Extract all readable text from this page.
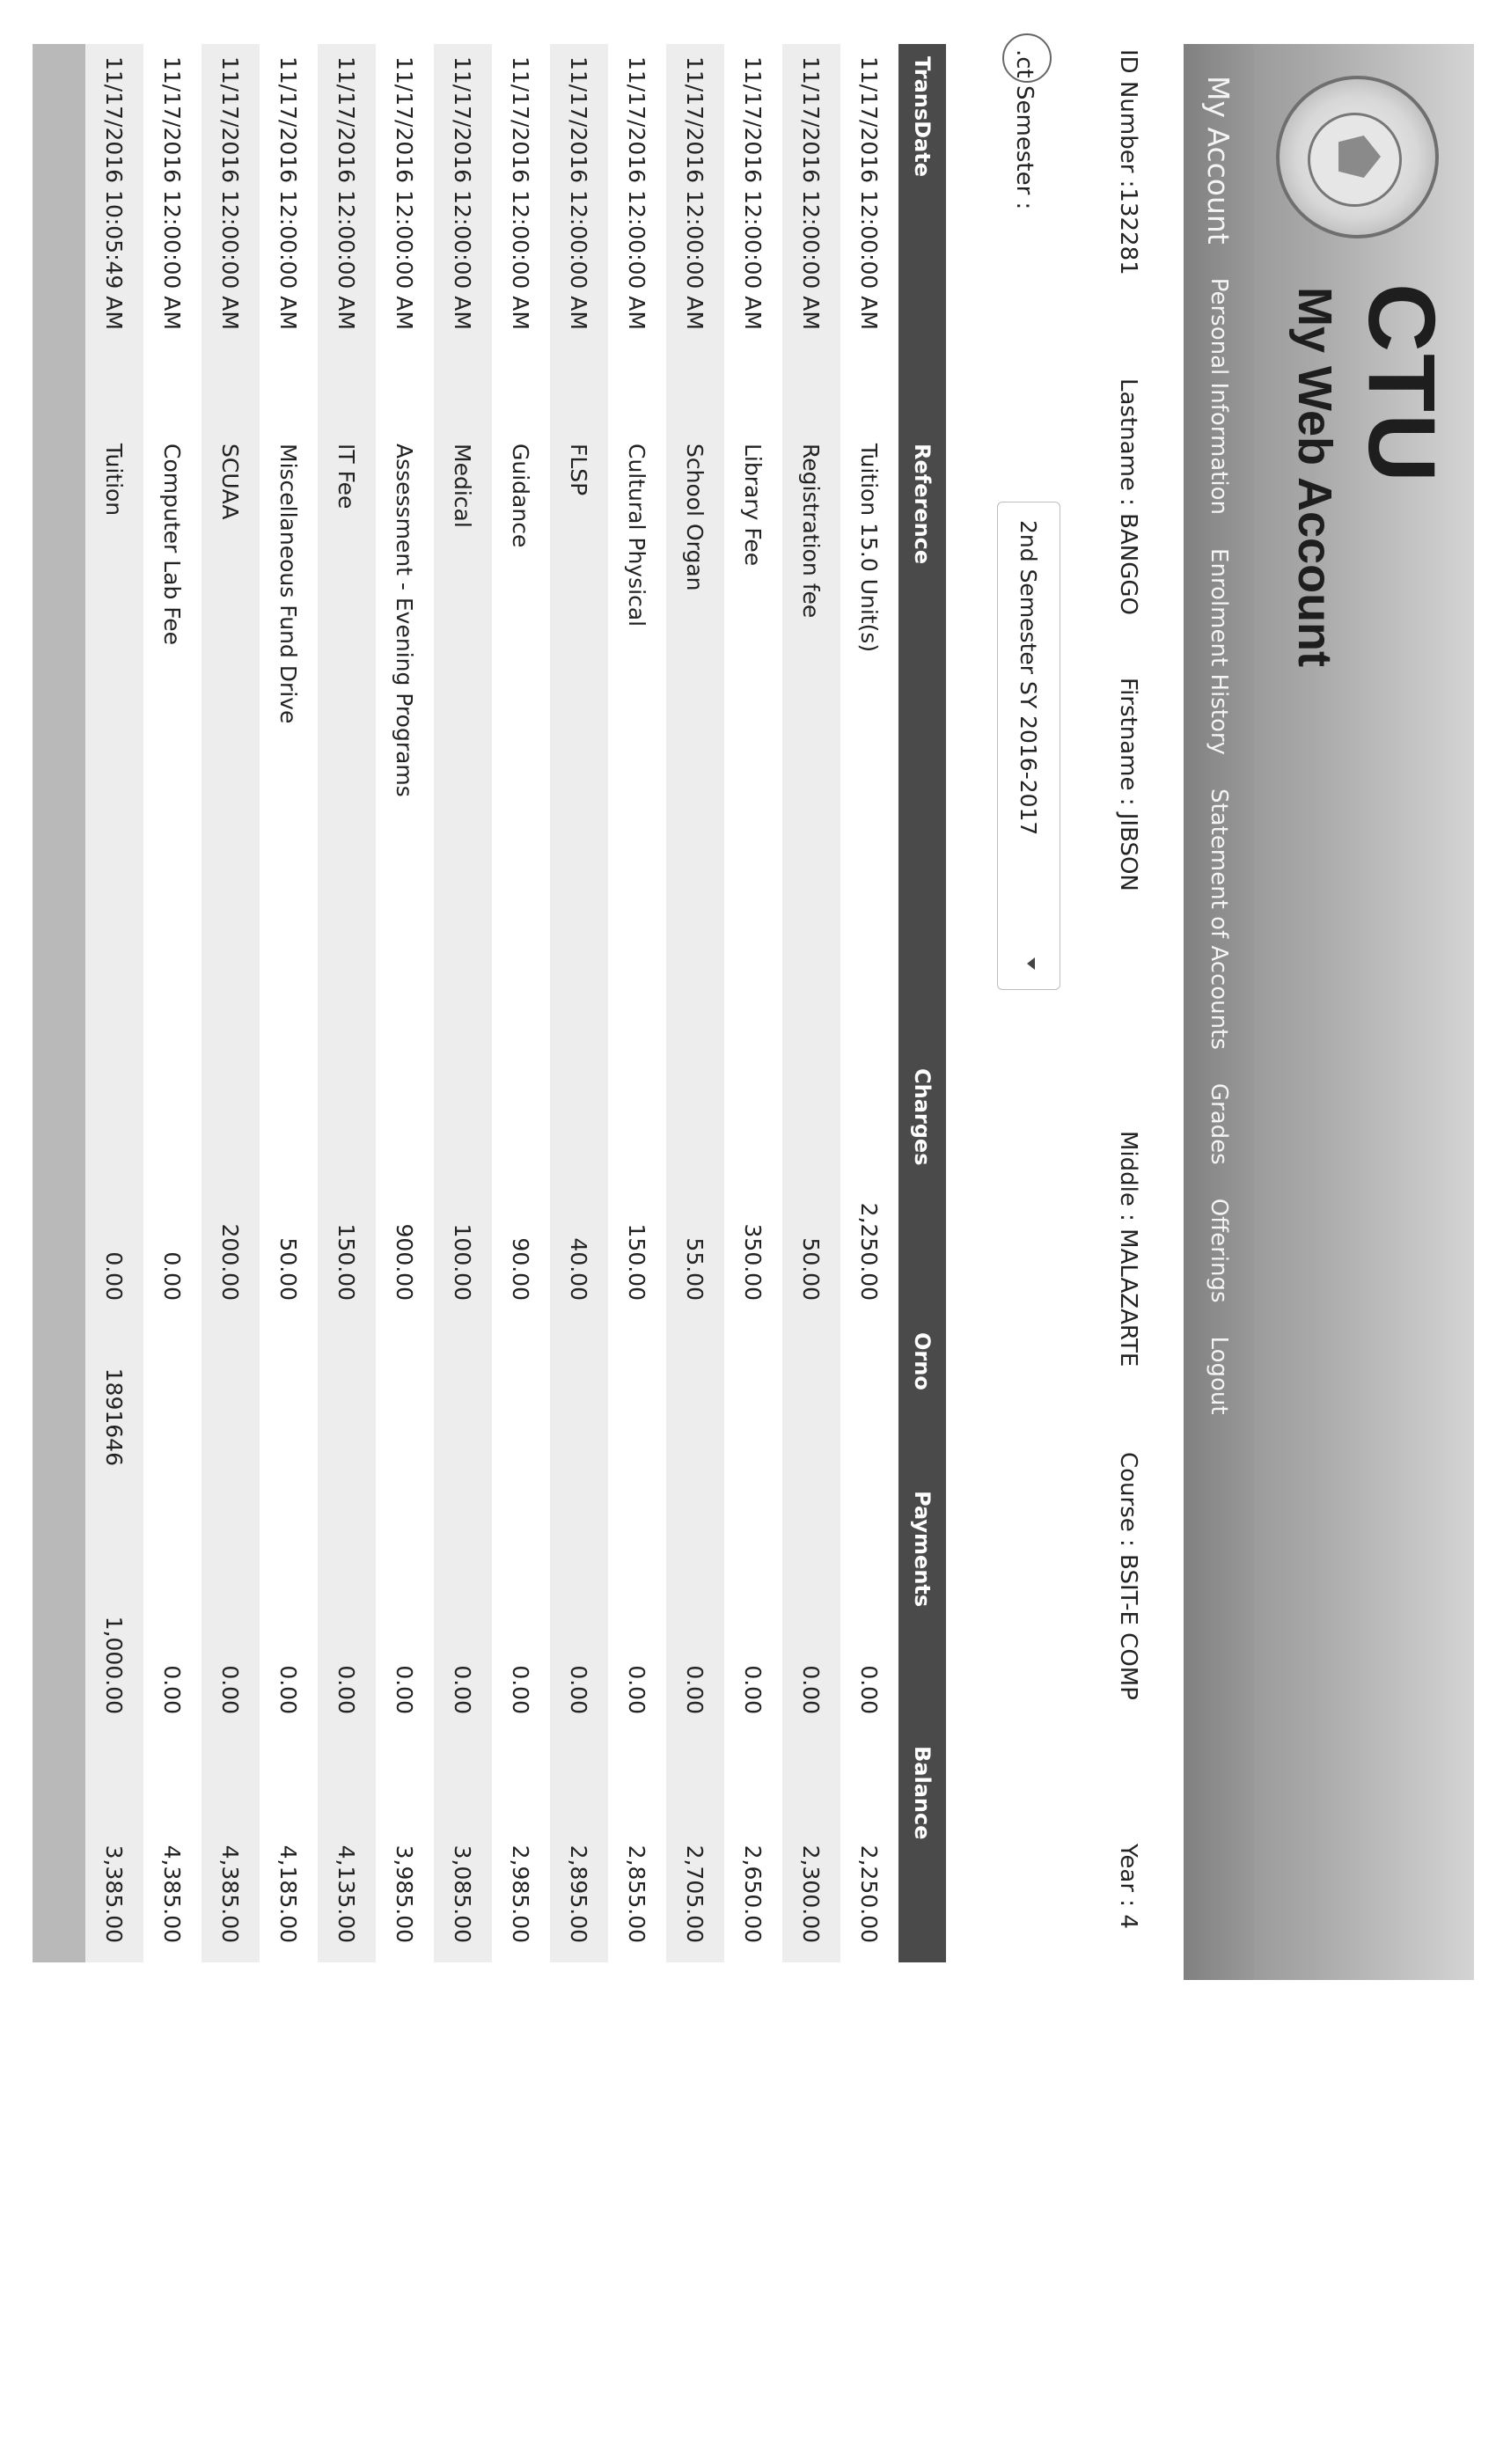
CTU
My Web Account
My Account
Personal Information
Enrolment History
Statement of Accounts
Grades
Offerings
Logout
ID Number :132281
Lastname : BANGGO
Firstname : JIBSON
Middle : MALAZARTE
Course : BSIT-E COMP
Year : 4
.ct Semester :
2nd Semester SY 2016-2017
TransDate	Reference	Charges	Orno	Payments	Balance
11/17/2016 12:00:00 AM	Tuition 15.0 Unit(s)	2,250.00		0.00	2,250.00
11/17/2016 12:00:00 AM	Registration fee	50.00		0.00	2,300.00
11/17/2016 12:00:00 AM	Library Fee	350.00		0.00	2,650.00
11/17/2016 12:00:00 AM	School Organ	55.00		0.00	2,705.00
11/17/2016 12:00:00 AM	Cultural Physical	150.00		0.00	2,855.00
11/17/2016 12:00:00 AM	FLSP	40.00		0.00	2,895.00
11/17/2016 12:00:00 AM	Guidance	90.00		0.00	2,985.00
11/17/2016 12:00:00 AM	Medical	100.00		0.00	3,085.00
11/17/2016 12:00:00 AM	Assessment - Evening Programs	900.00		0.00	3,985.00
11/17/2016 12:00:00 AM	IT Fee	150.00		0.00	4,135.00
11/17/2016 12:00:00 AM	Miscellaneous Fund Drive	50.00		0.00	4,185.00
11/17/2016 12:00:00 AM	SCUAA	200.00		0.00	4,385.00
11/17/2016 12:00:00 AM	Computer Lab Fee	0.00		0.00	4,385.00
11/17/2016 10:05:49 AM	Tuition	0.00	1891646	1,000.00	3,385.00
